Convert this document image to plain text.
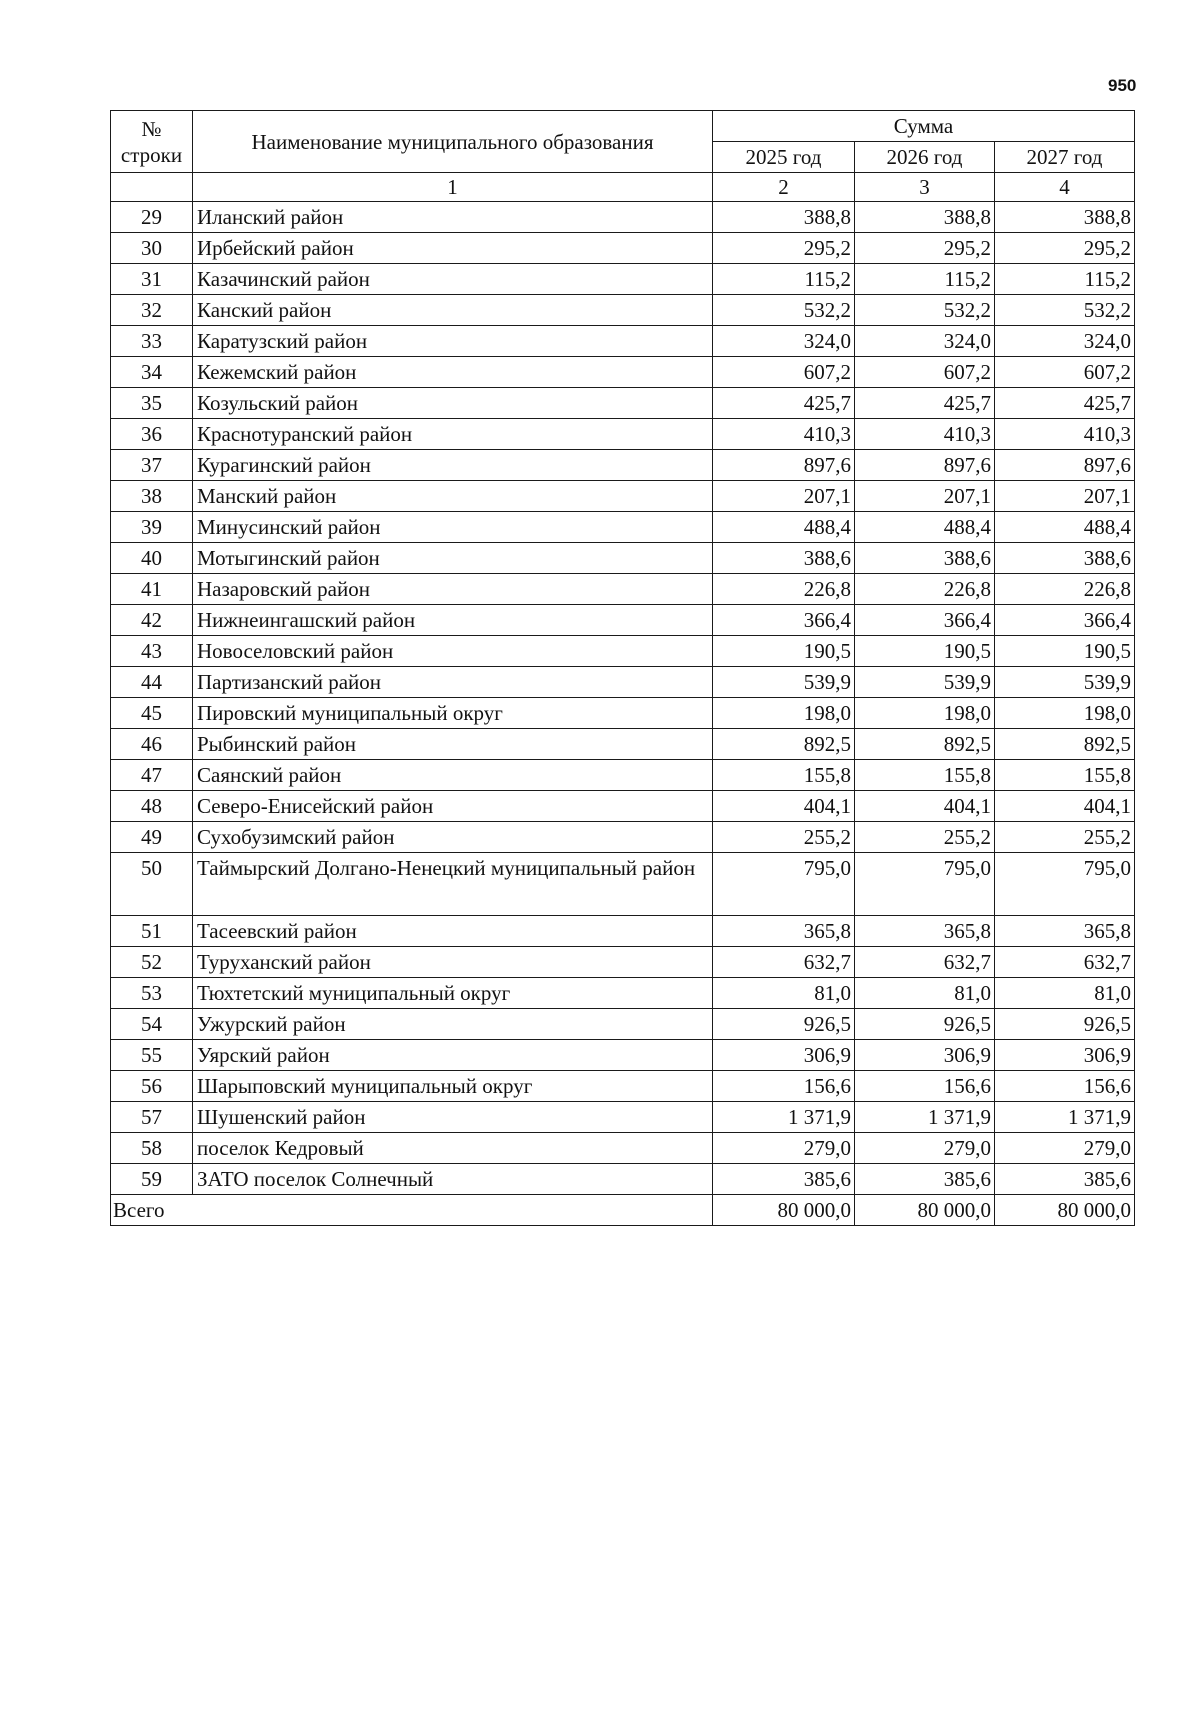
950
№
строки	Наименование муниципального образования	Сумма		
		2025 год	2026 год	2027 год
	1	2	3	4
29	Иланский район	388,8	388,8	388,8
30	Ирбейский район	295,2	295,2	295,2
31	Казачинский район	115,2	115,2	115,2
32	Канский район	532,2	532,2	532,2
33	Каратузский район	324,0	324,0	324,0
34	Кежемский район	607,2	607,2	607,2
35	Козульский район	425,7	425,7	425,7
36	Краснотуранский район	410,3	410,3	410,3
37	Курагинский район	897,6	897,6	897,6
38	Манский район	207,1	207,1	207,1
39	Минусинский район	488,4	488,4	488,4
40	Мотыгинский район	388,6	388,6	388,6
41	Назаровский район	226,8	226,8	226,8
42	Нижнеингашский район	366,4	366,4	366,4
43	Новоселовский район	190,5	190,5	190,5
44	Партизанский район	539,9	539,9	539,9
45	Пировский муниципальный округ	198,0	198,0	198,0
46	Рыбинский район	892,5	892,5	892,5
47	Саянский район	155,8	155,8	155,8
48	Северо-Енисейский район	404,1	404,1	404,1
49	Сухобузимский район	255,2	255,2	255,2
50	Таймырский Долгано-Ненецкий муниципальный район	795,0	795,0	795,0
51	Тасеевский район	365,8	365,8	365,8
52	Туруханский район	632,7	632,7	632,7
53	Тюхтетский муниципальный округ	81,0	81,0	81,0
54	Ужурский район	926,5	926,5	926,5
55	Уярский район	306,9	306,9	306,9
56	Шарыповский муниципальный округ	156,6	156,6	156,6
57	Шушенский район	1 371,9	1 371,9	1 371,9
58	поселок Кедровый	279,0	279,0	279,0
59	ЗАТО поселок Солнечный	385,6	385,6	385,6
Всего		80 000,0	80 000,0	80 000,0
